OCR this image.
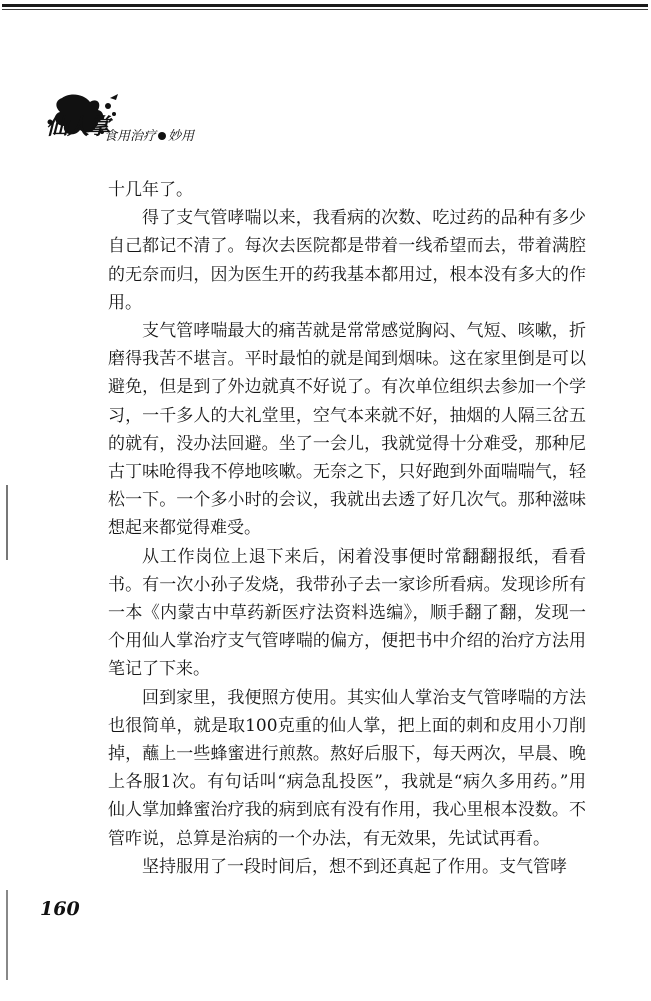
仙人掌
食用治疗 妙用

十几年了。

得了支气管哮喘以来，我看病的次数、吃过药的品种有多少自己都记不清了。每次去医院都是带着一线希望而去，带着满腔的无奈而归，因为医生开的药我基本都用过，根本没有多大的作用。

支气管哮喘最大的痛苦就是常常感觉胸闷、气短、咳嗽，折磨得我苦不堪言。平时最怕的就是闻到烟味。这在家里倒是可以避免，但是到了外边就真不好说了。有次单位组织去参加一个学习，一千多人的大礼堂里，空气本来就不好，抽烟的人隔三岔五的就有，没办法回避。坐了一会儿，我就觉得十分难受，那种尼古丁味呛得我不停地咳嗽。无奈之下，只好跑到外面喘喘气，轻松一下。一个多小时的会议，我就出去透了好几次气。那种滋味想起来都觉得难受。

从工作岗位上退下来后，闲着没事便时常翻翻报纸，看看书。有一次小孙子发烧，我带孙子去一家诊所看病。发现诊所有一本《内蒙古中草药新医疗法资料选编》，顺手翻了翻，发现一个用仙人掌治疗支气管哮喘的偏方，便把书中介绍的治疗方法用笔记了下来。

回到家里，我便照方使用。其实仙人掌治支气管哮喘的方法也很简单，就是取100克重的仙人掌，把上面的刺和皮用小刀削掉，蘸上一些蜂蜜进行煎熬。熬好后服下，每天两次，早晨、晚上各服1次。有句话叫“病急乱投医”，我就是“病久多用药。”用仙人掌加蜂蜜治疗我的病到底有没有作用，我心里根本没数。不管咋说，总算是治病的一个办法，有无效果，先试试再看。

坚持服用了一段时间后，想不到还真起了作用。支气管哮

160
